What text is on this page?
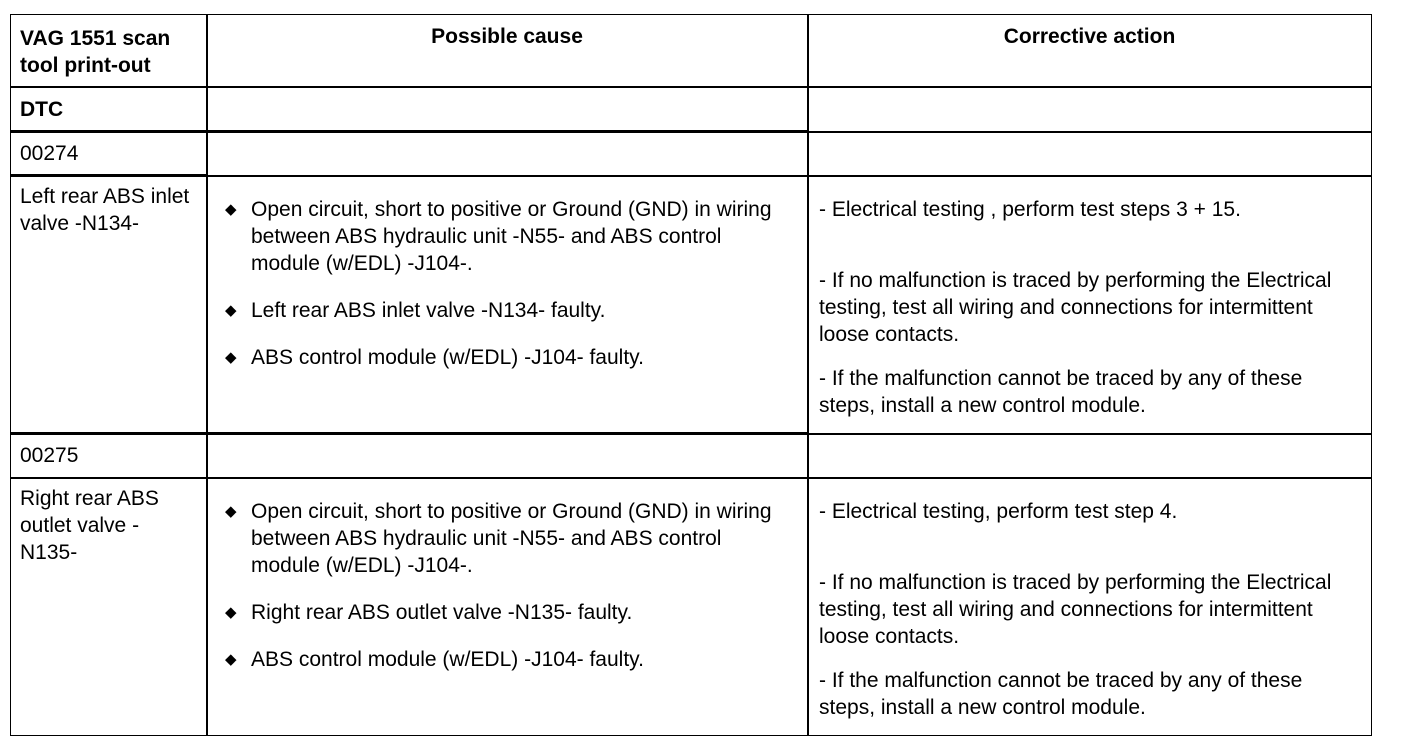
VAG 1551 scan tool print-out
Possible cause	Corrective action
DTC
00274
Left rear ABS inlet valve -N134-
◆ Open circuit, short to positive or Ground (GND) in wiring between ABS hydraulic unit -N55- and ABS control module (w/EDL) -J104-.
◆ Left rear ABS inlet valve -N134- faulty.
◆ ABS control module (w/EDL) -J104- faulty.
- Electrical testing , perform test steps 3 + 15.
- If no malfunction is traced by performing the Electrical testing, test all wiring and connections for intermittent loose contacts.
- If the malfunction cannot be traced by any of these steps, install a new control module.
00275
Right rear ABS outlet valve -N135-
◆ Open circuit, short to positive or Ground (GND) in wiring between ABS hydraulic unit -N55- and ABS control module (w/EDL) -J104-.
◆ Right rear ABS outlet valve -N135- faulty.
◆ ABS control module (w/EDL) -J104- faulty.
- Electrical testing, perform test step 4.
- If no malfunction is traced by performing the Electrical testing, test all wiring and connections for intermittent loose contacts.
- If the malfunction cannot be traced by any of these steps, install a new control module.
